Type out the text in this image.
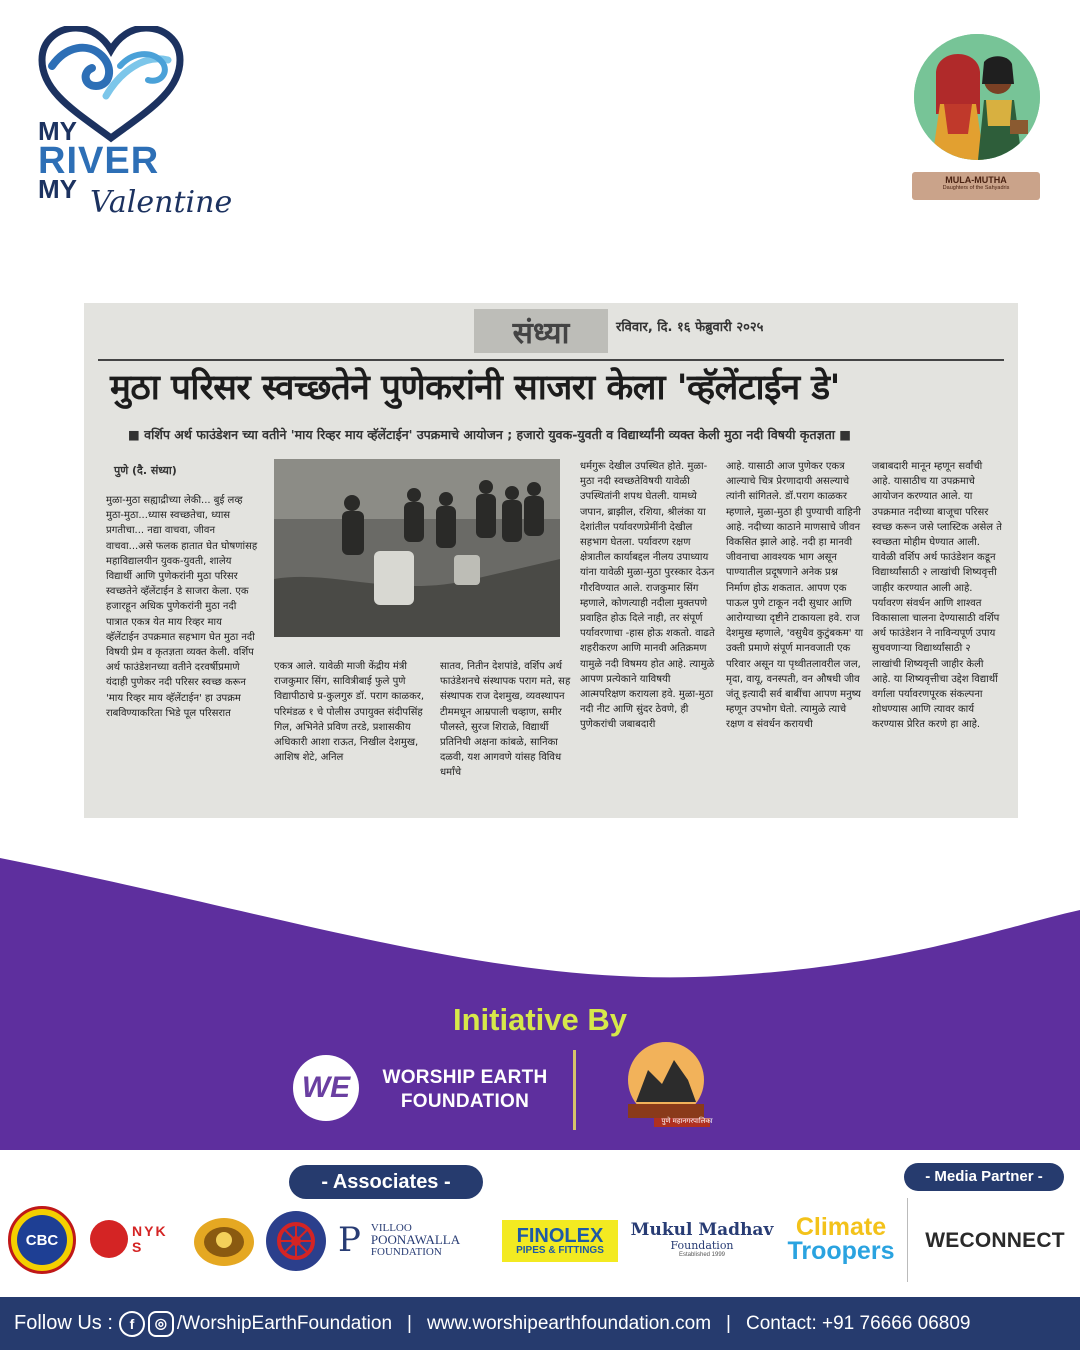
MY
RIVER
MY Valentine
MULA-MUTHA
Daughters of the Sahyadris
संध्या	रविवार, दि. १६ फेब्रुवारी २०२५
मुठा परिसर स्वच्छतेने पुणेकरांनी साजरा केला 'व्हॅलेंटाईन डे'
■ वर्शिप अर्थ फाउंडेशन च्या वतीने 'माय रिव्हर माय व्हॅलेंटाईन' उपक्रमाचे आयोजन ; हजारो युवक-युवती व विद्यार्थ्यांनी व्यक्त केली मुठा नदी विषयी कृतज्ञता ■
पुणे (दै. संध्या)
मुळा-मुठा सह्याद्रीच्या लेकी... बुई लव्ह मुठा-मुठा...ध्यास स्वच्छतेचा, ध्यास प्रगतीचा... नद्या वाचवा, जीवन वाचवा...असे फलक हातात घेत घोषणांसह महाविद्यालयीन युवक-युवती, शालेय विद्यार्थी आणि पुणेकरांनी मुठा परिसर स्वच्छतेने व्हॅलेंटाईन डे साजरा केला. एक हजारहून अधिक पुणेकरांनी मुठा नदी पात्रात एकत्र येत माय रिव्हर माय व्हॅलेंटाईन उपक्रमात सहभाग घेत मुठा नदी विषयी प्रेम व कृतज्ञता व्यक्त केली. वर्शिप अर्थ फाउंडेशनच्या वतीने दरवर्षीप्रमाणे यंदाही पुणेकर नदी परिसर स्वच्छ करून 'माय रिव्हर माय व्हॅलेंटाईन' हा उपक्रम राबविण्याकरिता भिडे पूल परिसरात
एकत्र आले. यावेळी माजी केंद्रीय मंत्री राजकुमार सिंग, सावित्रीबाई फुले पुणे विद्यापीठाचे प्र-कुलगुरु डॉ. पराग काळकर, परिमंडळ १ चे पोलीस उपायुक्त संदीपसिंह गिल, अभिनेते प्रविण तरडे, प्रशासकीय अधिकारी आशा राऊत, निखील देशमुख, आशिष शेटे, अनिल
सातव, नितीन देशपांडे, वर्शिप अर्थ फाउंडेशनचे संस्थापक पराग मते, सह संस्थापक राज देशमुख, व्यवस्थापन टीममधून आम्रपाली चव्हाण, समीर पौलस्ते, सुरज शिराळे, विद्यार्थी प्रतिनिधी अक्षना कांबळे, सानिका दळवी, यश आगवणे यांसह विविध धर्मांचे
धर्मगुरू देखील उपस्थित होते. मुळा-मुठा नदी स्वच्छतेविषयी यावेळी उपस्थितांनी शपथ घेतली. यामध्ये जपान, ब्राझील, रशिया, श्रीलंका या देशांतील पर्यावरणप्रेमींनी देखील सहभाग घेतला. पर्यावरण रक्षण क्षेत्रातील कार्याबद्दल नीलय उपाध्याय यांना यावेळी मुळा-मुठा पुरस्कार देऊन गौरविण्यात आले. राजकुमार सिंग म्हणाले, कोणत्याही नदीला मुक्तपणे प्रवाहित होऊ दिले नाही, तर संपूर्ण पर्यावरणाचा -हास होऊ शकतो. वाढते शहरीकरण आणि मानवी अतिक्रमण यामुळे नदी विषमय होत आहे. त्यामुळे आपण प्रत्येकाने याविषयी आत्मपरिक्षण करायला हवे. मुळा-मुठा नदी नीट आणि सुंदर ठेवणे, ही पुणेकरांची जबाबदारी
आहे. यासाठी आज पुणेकर एकत्र आल्याचे चित्र प्रेरणादायी असल्याचे त्यांनी सांगितले. डॉ.पराग काळकर म्हणाले, मुळा-मुठा ही पुण्याची वाहिनी आहे. नदीच्या काठाने माणसाचे जीवन विकसित झाले आहे. नदी हा मानवी जीवनाचा आवश्यक भाग असून पाण्यातील प्रदूषणाने अनेक प्रश्न निर्माण होऊ शकतात. आपण एक पाऊल पुणे टाकून नदी सुधार आणि आरोग्याच्या दृष्टीने टाकायला हवे. राज देशमुख म्हणाले, 'वसुधैव कुटुंबकम' या उक्ती प्रमाणे संपूर्ण मानवजाती एक परिवार असून या पृथ्वीतलावरील जल, मृदा, वायू, वनस्पती, वन औषधी जीव जंतू इत्यादी सर्व बाबींचा आपण मनुष्य म्हणून उपभोग घेतो. त्यामुळे त्याचे रक्षण व संवर्धन करायची
जबाबदारी मानून म्हणून सर्वांची आहे. यासाठीच या उपक्रमाचे आयोजन करण्यात आले. या उपक्रमात नदीच्या बाजूचा परिसर स्वच्छ करून जसे प्लास्टिक असेल ते स्वच्छता मोहीम घेण्यात आली. यावेळी वर्शिप अर्थ फाउंडेशन कडून विद्यार्थ्यांसाठी २ लाखांची शिष्यवृत्ती जाहीर करण्यात आली आहे. पर्यावरण संवर्धन आणि शाश्वत विकासाला चालना देण्यासाठी वर्शिप अर्थ फाउंडेशन ने नाविन्यपूर्ण उपाय सुचवणाऱ्या विद्यार्थ्यांसाठी २ लाखांची शिष्यवृत्ती जाहीर केली आहे. या शिष्यवृत्तीचा उद्देश विद्यार्थी वर्गाला पर्यावरणपूरक संकल्पना शोधण्यास आणि त्यावर कार्य करण्यास प्रेरित करणे हा आहे.
Initiative By
WE	WORSHIP EARTH
FOUNDATION
पुणे महानगरपालिका
- Associates -	- Media Partner -
CBC
NYKS	P VILLOO
POONAWALLA
FOUNDATION
FINOLEX
PIPES & FITTINGS
Mukul Madhav
Foundation
Established 1999
Climate
Troopers	WECONNECT
Follow Us :	f	◎ /WorshipEarthFoundation | www.worshipearthfoundation.com | Contact: +91 76666 06809
